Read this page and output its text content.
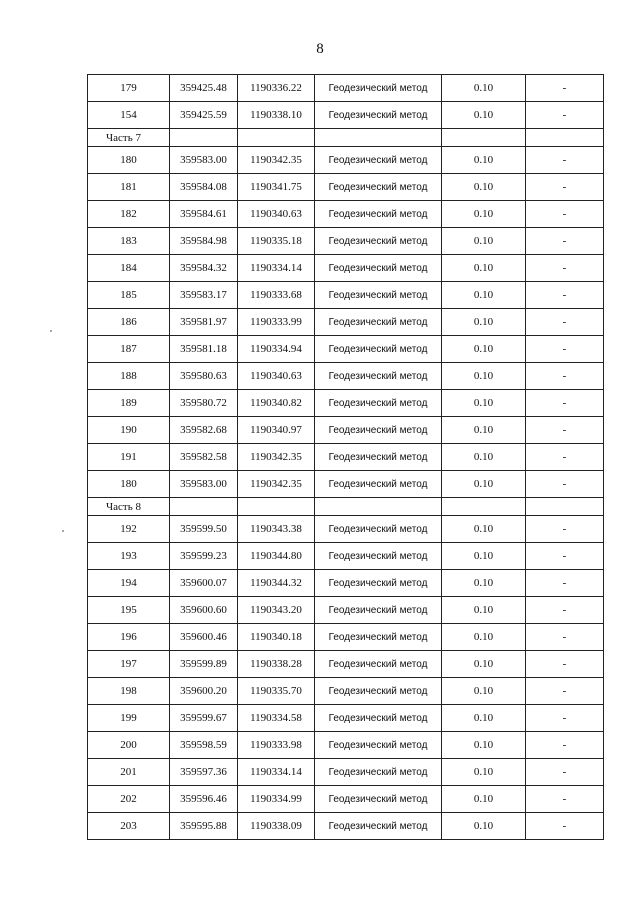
8
179	359425.48	1190336.22	Геодезический метод	0.10	-
154	359425.59	1190338.10	Геодезический метод	0.10	-
Часть 7					
180	359583.00	1190342.35	Геодезический метод	0.10	-
181	359584.08	1190341.75	Геодезический метод	0.10	-
182	359584.61	1190340.63	Геодезический метод	0.10	-
183	359584.98	1190335.18	Геодезический метод	0.10	-
184	359584.32	1190334.14	Геодезический метод	0.10	-
185	359583.17	1190333.68	Геодезический метод	0.10	-
186	359581.97	1190333.99	Геодезический метод	0.10	-
187	359581.18	1190334.94	Геодезический метод	0.10	-
188	359580.63	1190340.63	Геодезический метод	0.10	-
189	359580.72	1190340.82	Геодезический метод	0.10	-
190	359582.68	1190340.97	Геодезический метод	0.10	-
191	359582.58	1190342.35	Геодезический метод	0.10	-
180	359583.00	1190342.35	Геодезический метод	0.10	-
Часть 8					
192	359599.50	1190343.38	Геодезический метод	0.10	-
193	359599.23	1190344.80	Геодезический метод	0.10	-
194	359600.07	1190344.32	Геодезический метод	0.10	-
195	359600.60	1190343.20	Геодезический метод	0.10	-
196	359600.46	1190340.18	Геодезический метод	0.10	-
197	359599.89	1190338.28	Геодезический метод	0.10	-
198	359600.20	1190335.70	Геодезический метод	0.10	-
199	359599.67	1190334.58	Геодезический метод	0.10	-
200	359598.59	1190333.98	Геодезический метод	0.10	-
201	359597.36	1190334.14	Геодезический метод	0.10	-
202	359596.46	1190334.99	Геодезический метод	0.10	-
203	359595.88	1190338.09	Геодезический метод	0.10	-
